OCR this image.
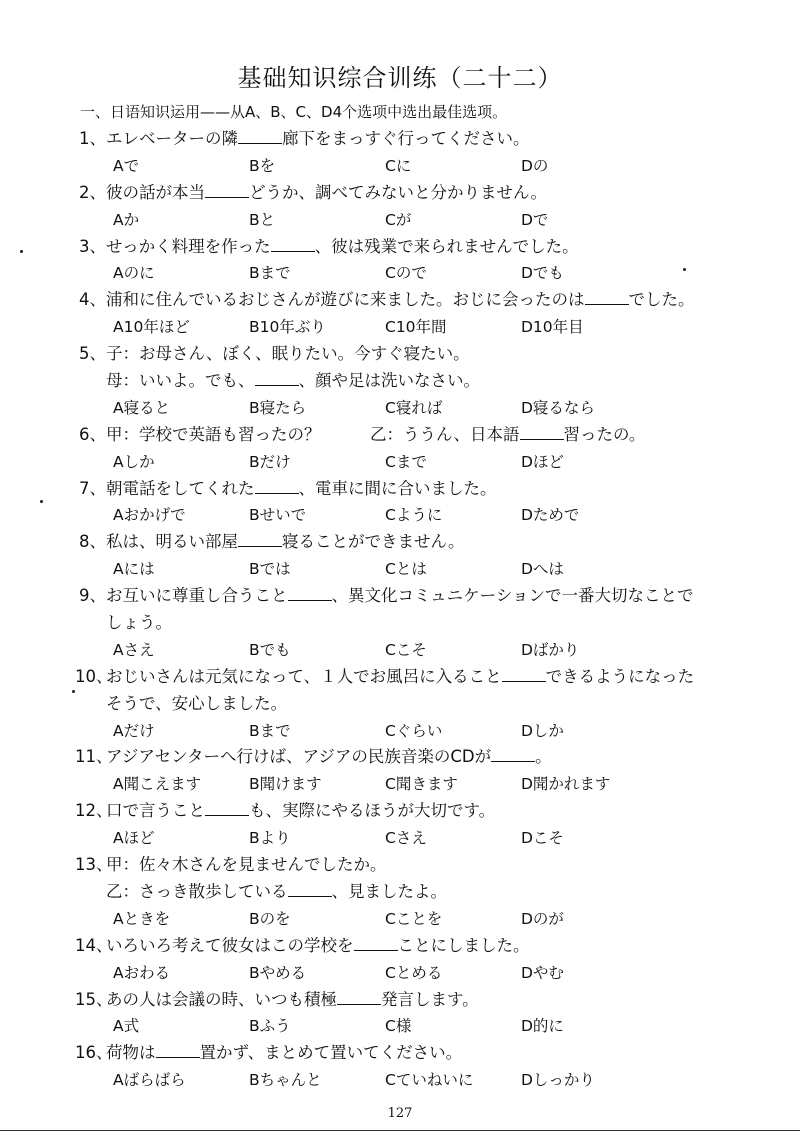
基础知识综合训练（二十二）
一、日语知识运用——从A、B、C、D4个选项中选出最佳选项。
1、エレベーターの隣	廊下をまっすぐ行ってください。
Aで	Bを	Cに	Dの
2、彼の話が本当	どうか、調べてみないと分かりません。
Aか	Bと	Cが	Dで
3、せっかく料理を作った	、彼は残業で来られませんでした。
Aのに	Bまで	Cので	Dでも
4、浦和に住んでいるおじさんが遊びに来ました。おじに会ったのは	でした。
A10年ほど	B10年ぶり	C10年間	D10年目
5、子：お母さん、ぼく、眠りたい。今すぐ寝たい。
母：いいよ。でも、	、顔や足は洗いなさい。
A寝ると	B寝たら	C寝れば	D寝るなら
6、甲：学校で英語も習ったの？　　　乙：ううん、日本語	習ったの。
Aしか	Bだけ	Cまで	Dほど
7、朝電話をしてくれた	、電車に間に合いました。
Aおかげで	Bせいで	Cように	Dためで
8、私は、明るい部屋	寝ることができません。
Aには	Bでは	Cとは	Dへは
9、お互いに尊重し合うこと	、異文化コミュニケーションで一番大切なことで
しょう。
Aさえ	Bでも	Cこそ	Dばかり
10、おじいさんは元気になって、１人でお風呂に入ること	できるようになった
そうで、安心しました。
Aだけ	Bまで	Cぐらい	Dしか
11、アジアセンターへ行けば、アジアの民族音楽のCDが	。
A聞こえます	B聞けます	C聞きます	D聞かれます
12、口で言うこと	も、実際にやるほうが大切です。
Aほど	Bより	Cさえ	Dこそ
13、甲：佐々木さんを見ませんでしたか。
乙：さっき散歩している	、見ましたよ。
Aときを	Bのを	Cことを	Dのが
14、いろいろ考えて彼女はこの学校を	ことにしました。
Aおわる	Bやめる	Cとめる	Dやむ
15、あの人は会議の時、いつも積極	発言します。
A式	Bふう	C様	D的に
16、荷物は	置かず、まとめて置いてください。
Aばらばら	Bちゃんと	Cていねいに	Dしっかり
127
